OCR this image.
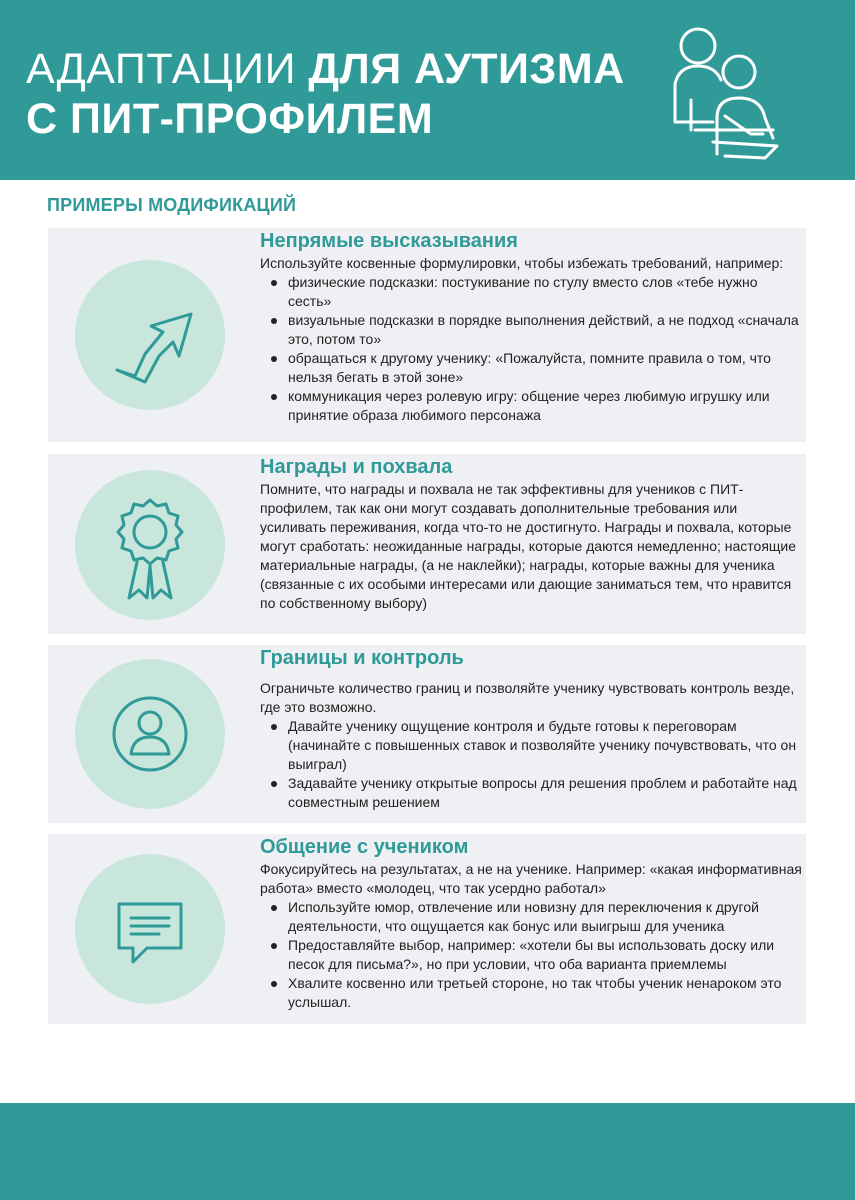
АДАПТАЦИИ ДЛЯ АУТИЗМА
С ПИТ-ПРОФИЛЕМ
ПРИМЕРЫ МОДИФИКАЦИЙ
Непрямые высказывания
Используйте косвенные формулировки, чтобы избежать требований, например:
физические подсказки: постукивание по стулу вместо слов «тебе нужно сесть»
визуальные подсказки в порядке выполнения действий, а не подход «сначала это, потом то»
обращаться к другому ученику: «Пожалуйста, помните правила о том, что нельзя бегать в этой зоне»
коммуникация через ролевую игру: общение через любимую игрушку или принятие образа любимого персонажа
Награды и похвала
Помните, что награды и похвала не так эффективны для учеников с ПИТ-профилем, так как они могут создавать дополнительные требования или усиливать переживания, когда что-то не достигнуто. Награды и похвала, которые могут сработать: неожиданные награды, которые даются немедленно; настоящие материальные награды, (а не наклейки); награды, которые важны для ученика (связанные с их особыми интересами или дающие заниматься тем, что нравится по собственному выбору)
Границы и контроль
Ограничьте количество границ и позволяйте ученику чувствовать контроль везде, где это возможно.
Давайте ученику ощущение контроля и будьте готовы к переговорам (начинайте с повышенных ставок и позволяйте ученику почувствовать, что он выиграл)
Задавайте ученику открытые вопросы для решения проблем и работайте над совместным решением
Общение с учеником
Фокусируйтесь на результатах, а не на ученике. Например: «какая информативная работа» вместо «молодец, что так усердно работал»
Используйте юмор, отвлечение или новизну для переключения к другой деятельности, что ощущается как бонус или выигрыш для ученика
Предоставляйте выбор, например: «хотели бы вы использовать доску или песок для письма?», но при условии, что оба варианта приемлемы
Хвалите косвенно или третьей стороне, но так чтобы ученик ненароком это услышал.
